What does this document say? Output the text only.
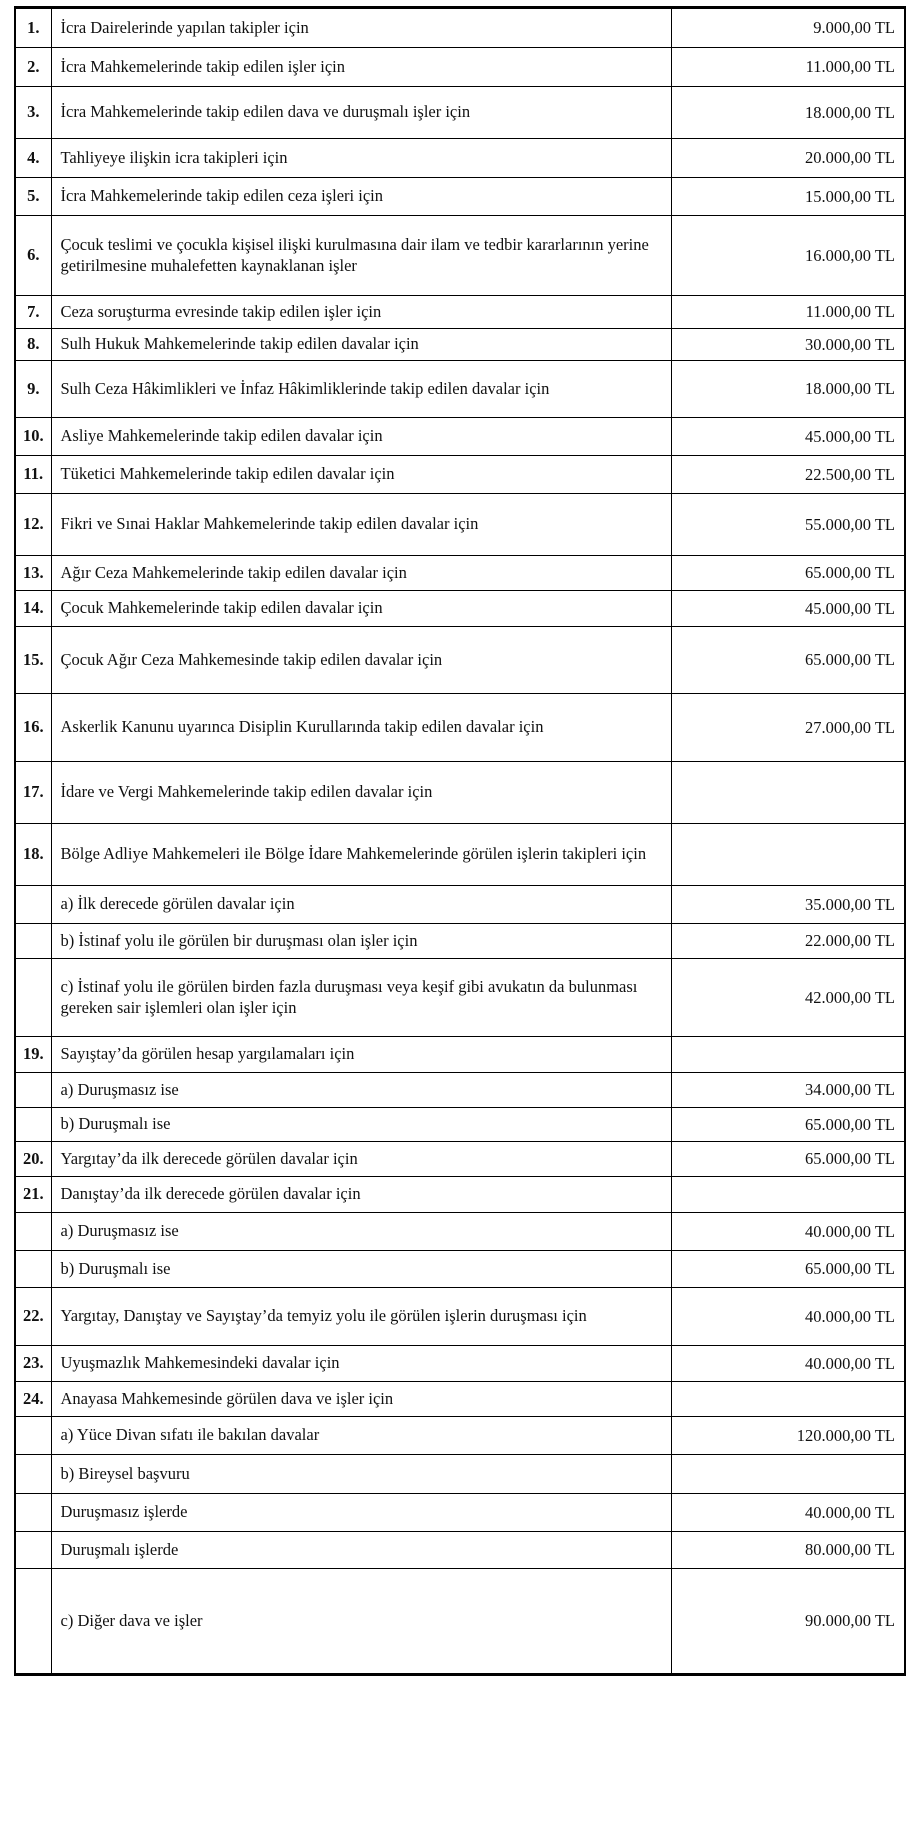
1.	İcra Dairelerinde yapılan takipler için	9.000,00 TL
2.	İcra Mahkemelerinde takip edilen işler için	11.000,00 TL
3.	İcra Mahkemelerinde takip edilen dava ve duruşmalı işler için	18.000,00 TL
4.	Tahliyeye ilişkin icra takipleri için	20.000,00 TL
5.	İcra Mahkemelerinde takip edilen ceza işleri için	15.000,00 TL
6.	Çocuk teslimi ve çocukla kişisel ilişki kurulmasına dair ilam ve tedbir kararlarının yerine getirilmesine muhalefetten kaynaklanan işler	16.000,00 TL
7.	Ceza soruşturma evresinde takip edilen işler için	11.000,00 TL
8.	Sulh Hukuk Mahkemelerinde takip edilen davalar için	30.000,00 TL
9.	Sulh Ceza Hâkimlikleri ve İnfaz Hâkimliklerinde takip edilen davalar için	18.000,00 TL
10.	Asliye Mahkemelerinde takip edilen davalar için	45.000,00 TL
11.	Tüketici Mahkemelerinde takip edilen davalar için	22.500,00 TL
12.	Fikri ve Sınai Haklar Mahkemelerinde takip edilen davalar için	55.000,00 TL
13.	Ağır Ceza Mahkemelerinde takip edilen davalar için	65.000,00 TL
14.	Çocuk Mahkemelerinde takip edilen davalar için	45.000,00 TL
15.	Çocuk Ağır Ceza Mahkemesinde takip edilen davalar için	65.000,00 TL
16.	Askerlik Kanunu uyarınca Disiplin Kurullarında takip edilen davalar için	27.000,00 TL
17.	İdare ve Vergi Mahkemelerinde takip edilen davalar için	
18.	Bölge Adliye Mahkemeleri ile Bölge İdare Mahkemelerinde görülen işlerin takipleri için	
	a) İlk derecede görülen davalar için	35.000,00 TL
	b) İstinaf yolu ile görülen bir duruşması olan işler için	22.000,00 TL
	c) İstinaf yolu ile görülen birden fazla duruşması veya keşif gibi avukatın da bulunması gereken sair işlemleri olan işler için	42.000,00 TL
19.	Sayıştay’da görülen hesap yargılamaları için	
	a) Duruşmasız ise	34.000,00 TL
	b) Duruşmalı ise	65.000,00 TL
20.	Yargıtay’da ilk derecede görülen davalar için	65.000,00 TL
21.	Danıştay’da ilk derecede görülen davalar için	
	a) Duruşmasız ise	40.000,00 TL
	b) Duruşmalı ise	65.000,00 TL
22.	Yargıtay, Danıştay ve Sayıştay’da temyiz yolu ile görülen işlerin duruşması için	40.000,00 TL
23.	Uyuşmazlık Mahkemesindeki davalar için	40.000,00 TL
24.	Anayasa Mahkemesinde görülen dava ve işler için	
	a) Yüce Divan sıfatı ile bakılan davalar	120.000,00 TL
	b) Bireysel başvuru	
	Duruşmasız işlerde	40.000,00 TL
	Duruşmalı işlerde	80.000,00 TL
	c) Diğer dava ve işler	90.000,00 TL
